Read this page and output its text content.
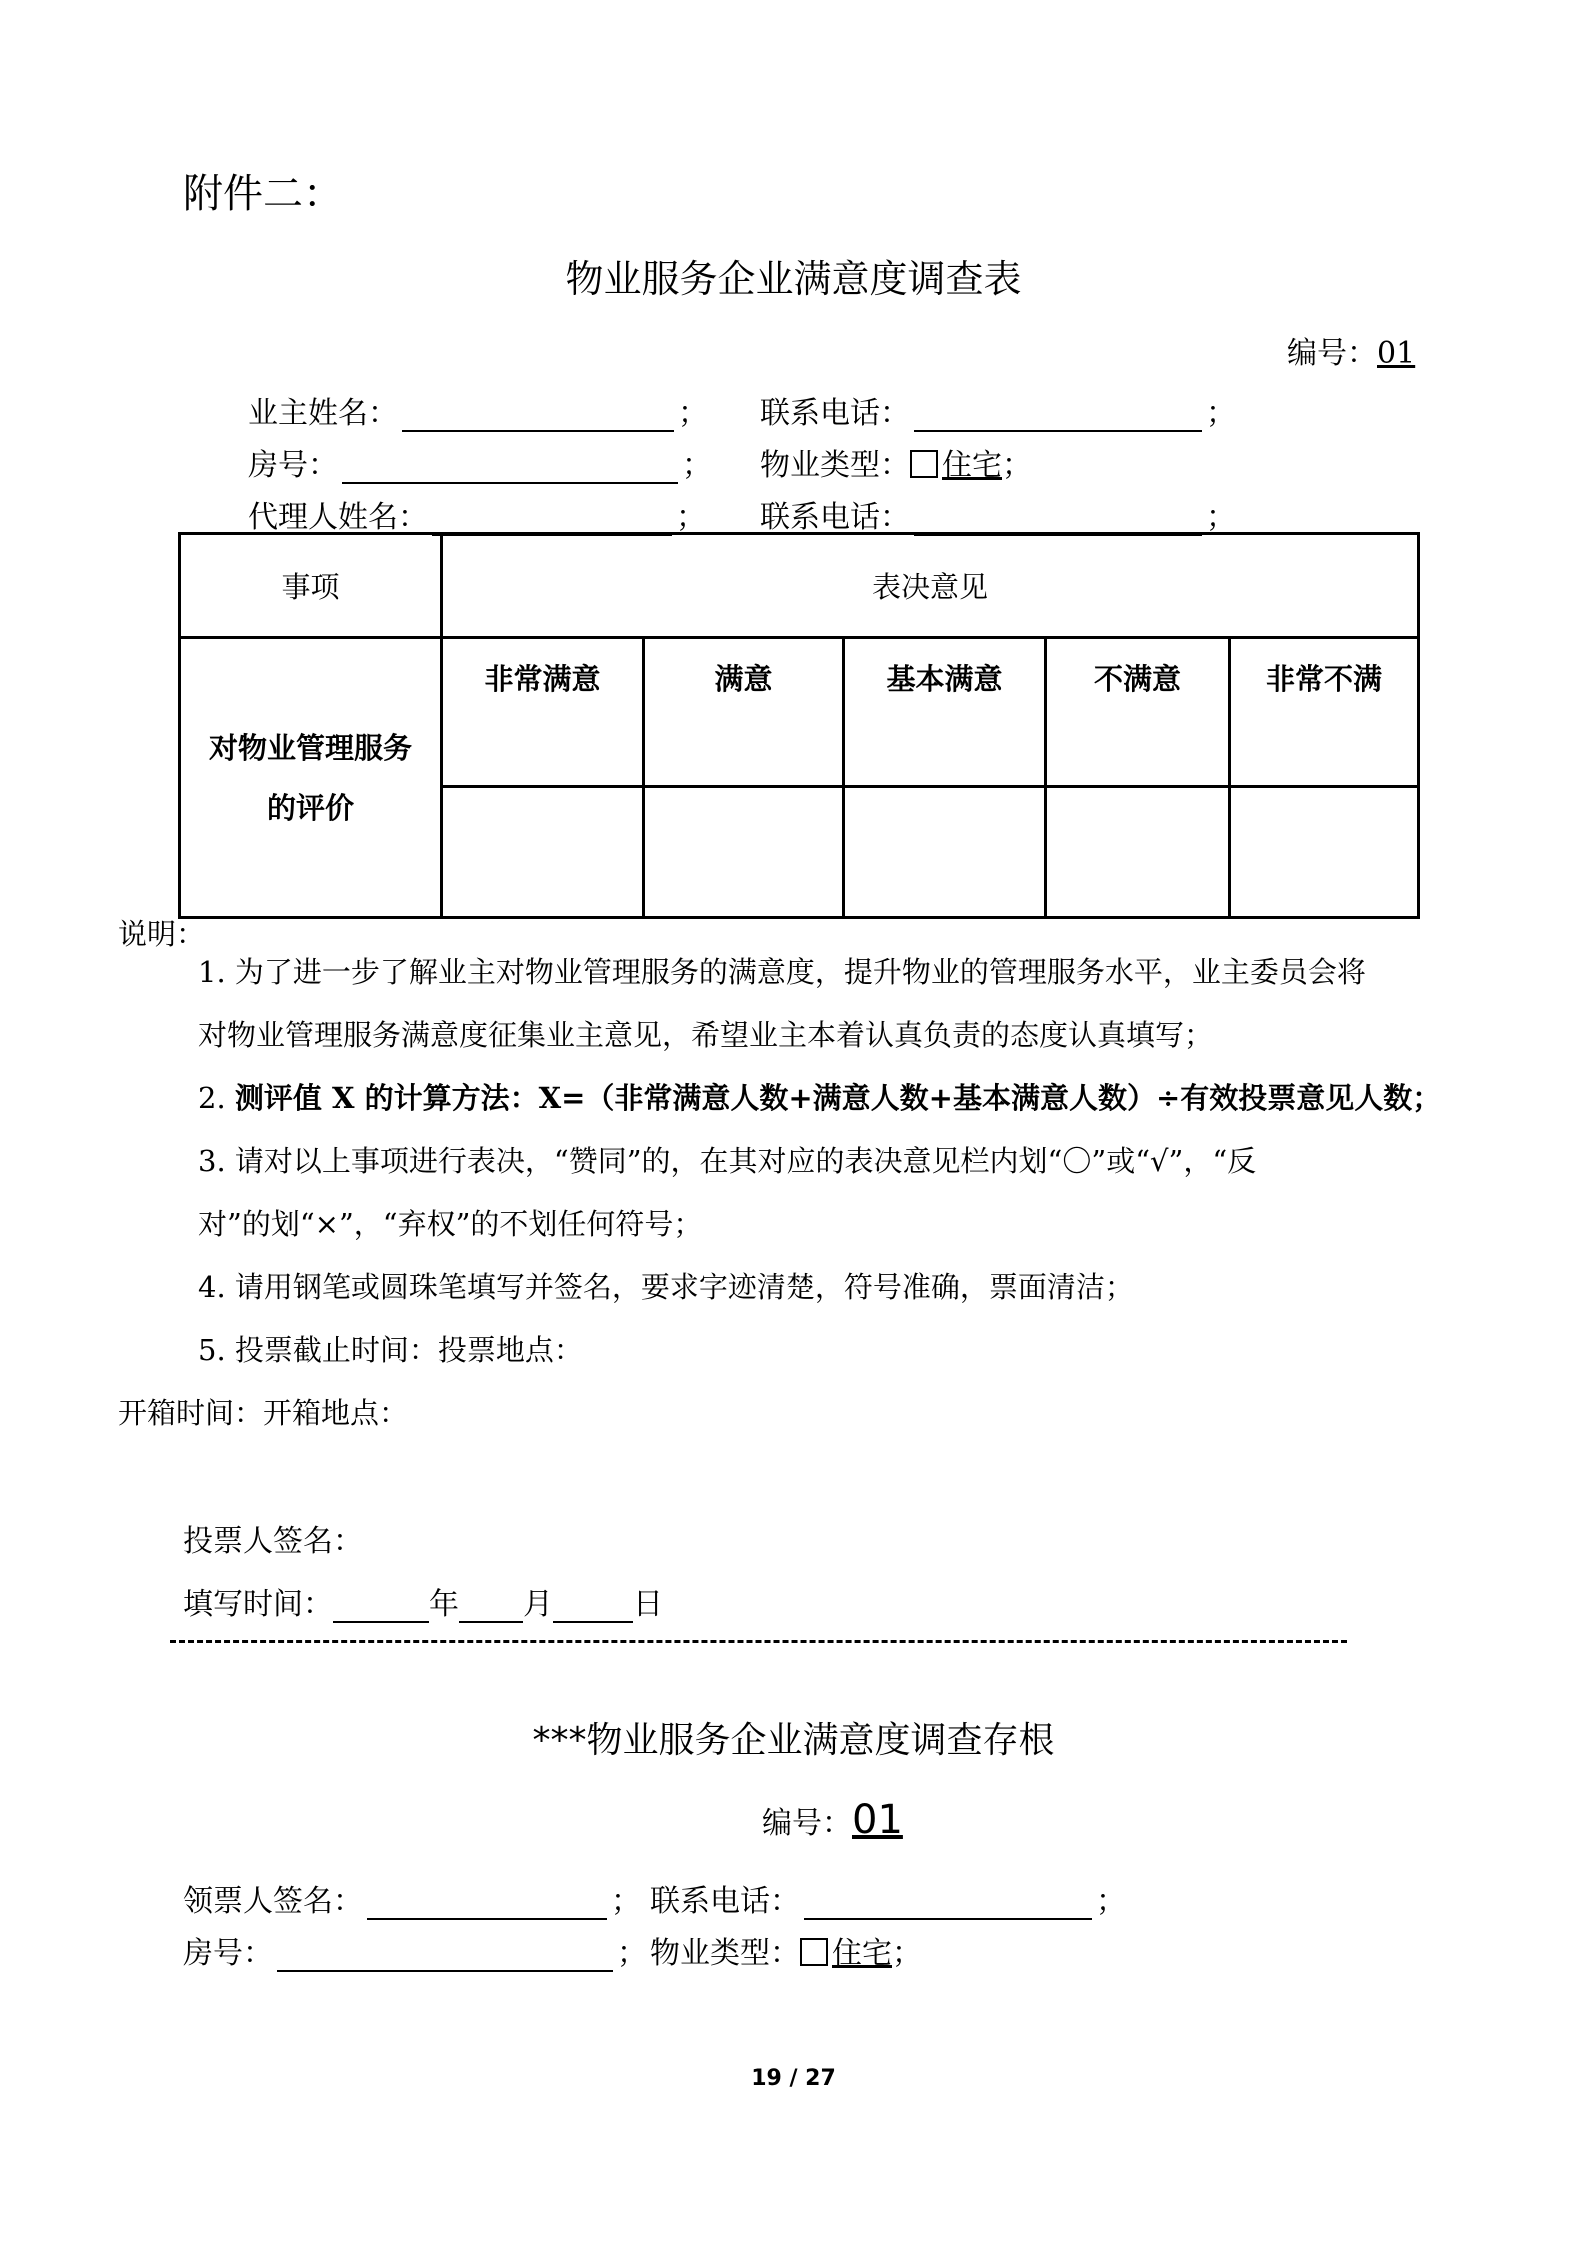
附件二：
物业服务企业满意度调查表
编号：01
业主姓名：	； 联系电话：	；
房号：	； 物业类型： 住宅；
代理人姓名：	； 联系电话：	；
事项	表决意见				

对物业管理服务
的评价	非常满意	满意	基本满意	不满意	非常不满

说明：
1. 为了进一步了解业主对物业管理服务的满意度，提升物业的管理服务水平，业主委员会将
对物业管理服务满意度征集业主意见，希望业主本着认真负责的态度认真填写；
2. 测评值 X 的计算方法：X=（非常满意人数+满意人数+基本满意人数）÷有效投票意见人数；
3. 请对以上事项进行表决，“赞同”的，在其对应的表决意见栏内划“〇”或“√”，“反
对”的划“×”，“弃权”的不划任何符号；
4. 请用钢笔或圆珠笔填写并签名，要求字迹清楚，符号准确，票面清洁；
5. 投票截止时间：投票地点：
开箱时间：开箱地点：
投票人签名：
填写时间：	年 月	日
***物业服务企业满意度调查存根
编号：01
领票人签名：	； 联系电话：	；
房号：	； 物业类型： 住宅；
19 / 27
